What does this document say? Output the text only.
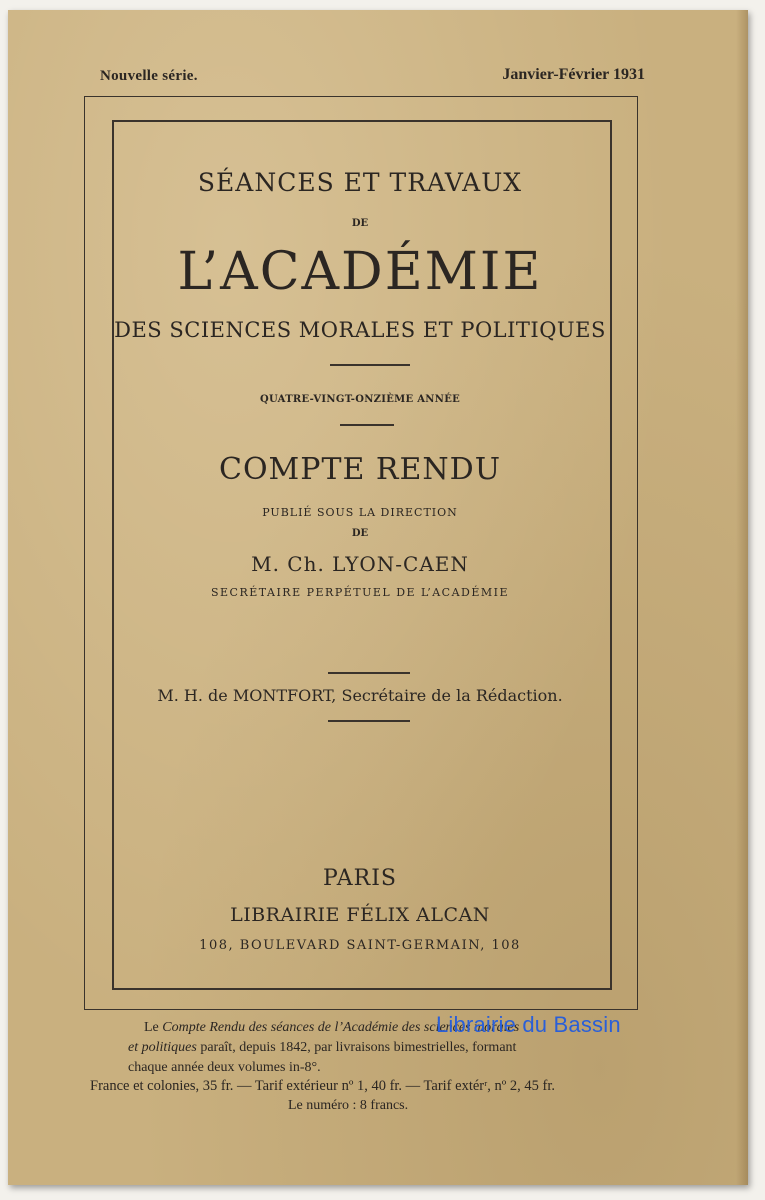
Nouvelle série.	Janvier-Février 1931
SÉANCES ET TRAVAUX
DE
L’ACADÉMIE
DES SCIENCES MORALES ET POLITIQUES
QUATRE-VINGT-ONZIÈME ANNÉE
COMPTE RENDU
PUBLIÉ SOUS LA DIRECTION
DE
M. Ch. LYON-CAEN
SECRÉTAIRE PERPÉTUEL DE L’ACADÉMIE
M. H. de MONTFORT, Secrétaire de la Rédaction.
PARIS
LIBRAIRIE FÉLIX ALCAN
108, BOULEVARD SAINT-GERMAIN, 108
Le Compte Rendu des séances de l’Académie des sciences morales
et politiques paraît, depuis 1842, par livraisons bimestrielles, formant
chaque année deux volumes in-8°.
France et colonies, 35 fr. — Tarif extérieur nº 1, 40 fr. — Tarif extérʳ, nº 2, 45 fr.
Le numéro : 8 francs.
Librairie du Bassin
